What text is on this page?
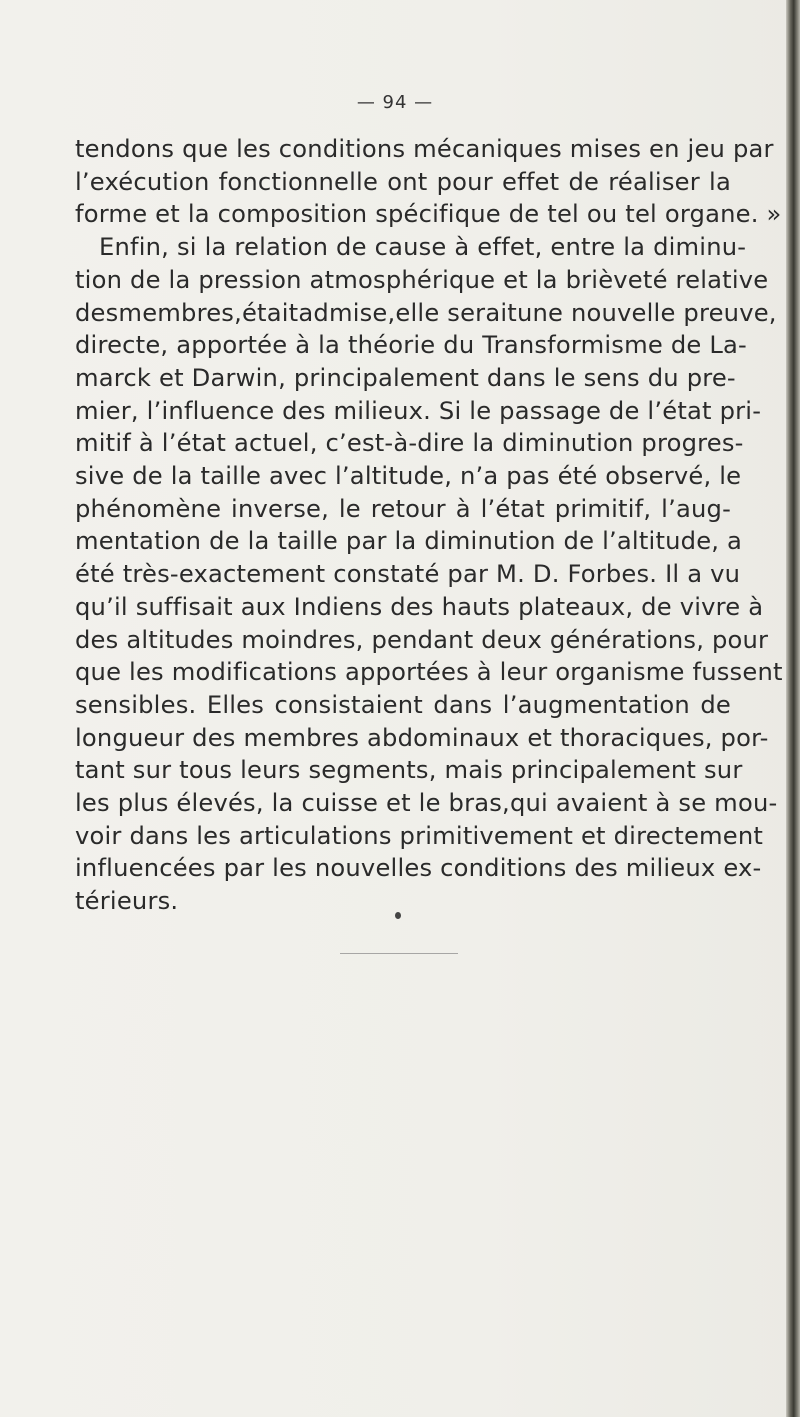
— 94 —
tendons que les conditions mécaniques mises en jeu par
l’exécution fonctionnelle ont pour effet de réaliser la
forme et la composition spécifique de tel ou tel organe. »
Enfin, si la relation de cause à effet, entre la diminu-
tion de la pression atmosphérique et la brièveté relative
desmembres,étaitadmise,elle seraitune nouvelle preuve,
directe, apportée à la théorie du Transformisme de La-
marck et Darwin, principalement dans le sens du pre-
mier, l’influence des milieux. Si le passage de l’état pri-
mitif à l’état actuel, c’est-à-dire la diminution progres-
sive de la taille avec l’altitude, n’a pas été observé, le
phénomène inverse, le retour à l’état primitif, l’aug-
mentation de la taille par la diminution de l’altitude, a
été très-exactement constaté par M. D. Forbes. Il a vu
qu’il suffisait aux Indiens des hauts plateaux, de vivre à
des altitudes moindres, pendant deux générations, pour
que les modifications apportées à leur organisme fussent
sensibles. Elles consistaient dans l’augmentation de
longueur des membres abdominaux et thoraciques, por-
tant sur tous leurs segments, mais principalement sur
les plus élevés, la cuisse et le bras,qui avaient à se mou-
voir dans les articulations primitivement et directement
influencées par les nouvelles conditions des milieux ex-
térieurs.
